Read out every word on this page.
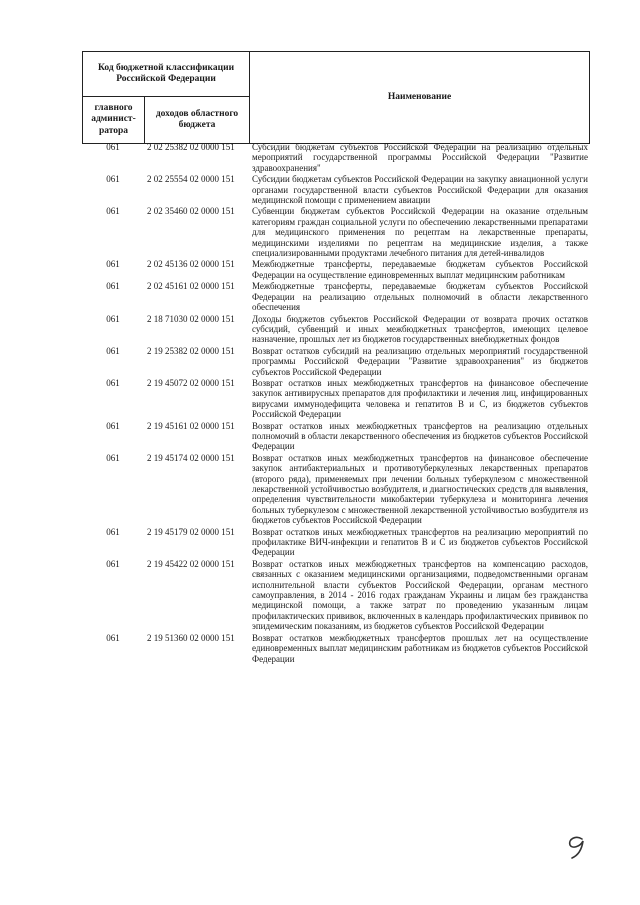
Код бюджетной классификации Российской Федерации		Наименование
главного админист-ратора	доходов областного бюджета	
061	2 02 25382 02 0000 151	Субсидии бюджетам субъектов Российской Федерации на реализацию отдельных мероприятий государственной программы Российской Федерации "Развитие здравоохранения"
061	2 02 25554 02 0000 151	Субсидии бюджетам субъектов Российской Федерации на закупку авиационной услуги органами государственной власти субъектов Российской Федерации для оказания медицинской помощи с применением авиации
061	2 02 35460 02 0000 151	Субвенции бюджетам субъектов Российской Федерации на оказание отдельным категориям граждан социальной услуги по обеспечению лекарственными препаратами для медицинского применения по рецептам на лекарственные препараты, медицинскими изделиями по рецептам на медицинские изделия, а также специализированными продуктами лечебного питания для детей-инвалидов
061	2 02 45136 02 0000 151	Межбюджетные трансферты, передаваемые бюджетам субъектов Российской Федерации на осуществление единовременных выплат медицинским работникам
061	2 02 45161 02 0000 151	Межбюджетные трансферты, передаваемые бюджетам субъектов Российской Федерации на реализацию отдельных полномочий в области лекарственного обеспечения
061	2 18 71030 02 0000 151	Доходы бюджетов субъектов Российской Федерации от возврата прочих остатков субсидий, субвенций и иных межбюджетных трансфертов, имеющих целевое назначение, прошлых лет из бюджетов государственных внебюджетных фондов
061	2 19 25382 02 0000 151	Возврат остатков субсидий на реализацию отдельных мероприятий государственной программы Российской Федерации "Развитие здравоохранения" из бюджетов субъектов Российской Федерации
061	2 19 45072 02 0000 151	Возврат остатков иных межбюджетных трансфертов на финансовое обеспечение закупок антивирусных препаратов для профилактики и лечения лиц, инфицированных вирусами иммунодефицита человека и гепатитов В и С, из бюджетов субъектов Российской Федерации
061	2 19 45161 02 0000 151	Возврат остатков иных межбюджетных трансфертов на реализацию отдельных полномочий в области лекарственного обеспечения из бюджетов субъектов Российской Федерации
061	2 19 45174 02 0000 151	Возврат остатков иных межбюджетных трансфертов на финансовое обеспечение закупок антибактериальных и противотуберкулезных лекарственных препаратов (второго ряда), применяемых при лечении больных туберкулезом с множественной лекарственной устойчивостью возбудителя, и диагностических средств для выявления, определения чувствительности микобактерии туберкулеза и мониторинга лечения больных туберкулезом с множественной лекарственной устойчивостью возбудителя из бюджетов субъектов Российской Федерации
061	2 19 45179 02 0000 151	Возврат остатков иных межбюджетных трансфертов на реализацию мероприятий по профилактике ВИЧ-инфекции и гепатитов В и С из бюджетов субъектов Российской Федерации
061	2 19 45422 02 0000 151	Возврат остатков иных межбюджетных трансфертов на компенсацию расходов, связанных с оказанием медицинскими организациями, подведомственными органам исполнительной власти субъектов Российской Федерации, органам местного самоуправления, в 2014 - 2016 годах гражданам Украины и лицам без гражданства медицинской помощи, а также затрат по проведению указанным лицам профилактических прививок, включенных в календарь профилактических прививок по эпидемическим показаниям, из бюджетов субъектов Российской Федерации
061	2 19 51360 02 0000 151	Возврат остатков межбюджетных трансфертов прошлых лет на осуществление единовременных выплат медицинским работникам из бюджетов субъектов Российской Федерации
